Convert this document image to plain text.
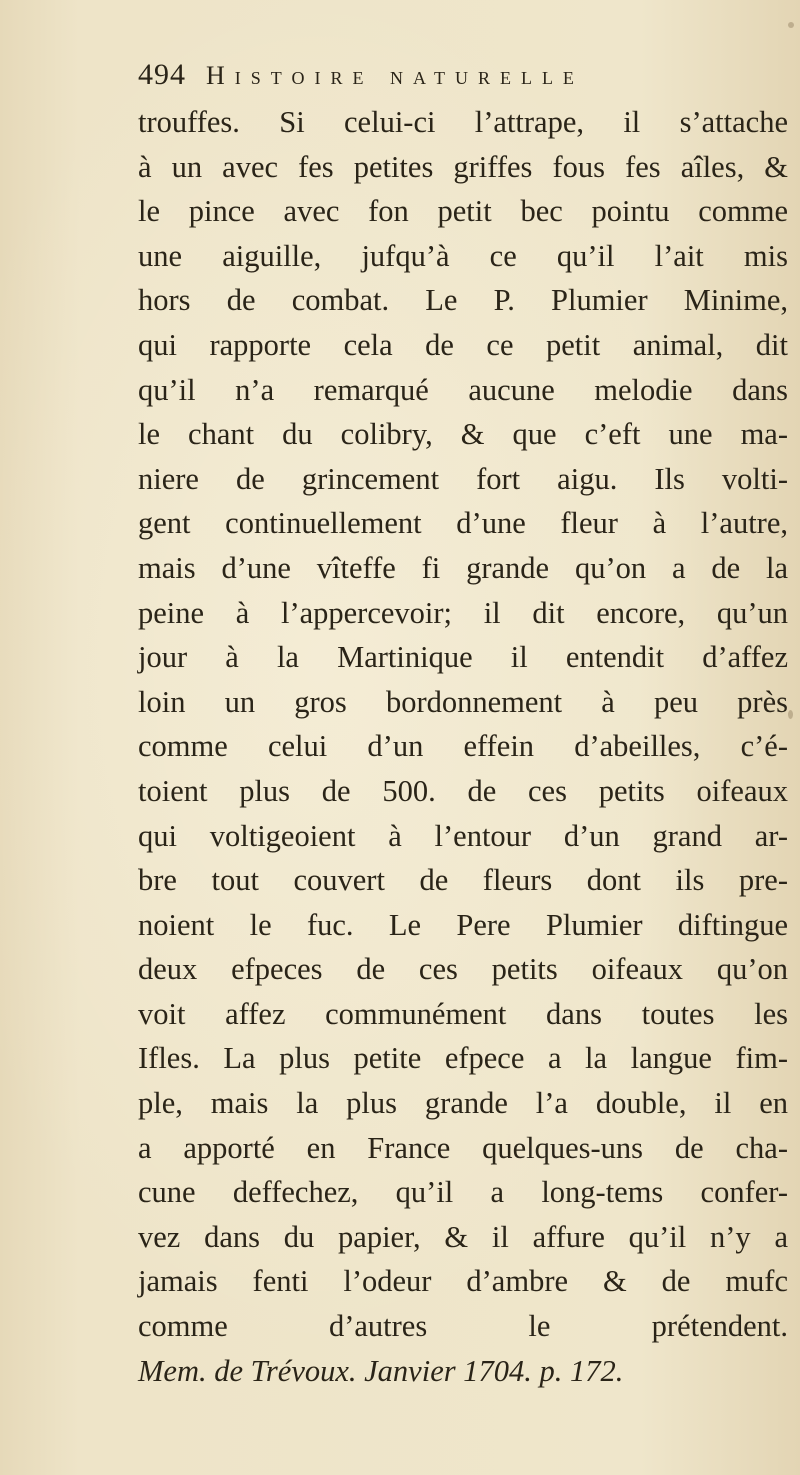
494 Histoire naturelle
trouffes. Si celui-ci l’attrape, il s’attache
à un avec fes petites griffes fous fes aîles, &
le pince avec fon petit bec pointu comme
une aiguille, jufqu’à ce qu’il l’ait mis
hors de combat. Le P. Plumier Minime,
qui rapporte cela de ce petit animal, dit
qu’il n’a remarqué aucune melodie dans
le chant du colibry, & que c’eft une ma-
niere de grincement fort aigu. Ils volti-
gent continuellement d’une fleur à l’autre,
mais d’une vîteffe fi grande qu’on a de la
peine à l’appercevoir; il dit encore, qu’un
jour à la Martinique il entendit d’affez
loin un gros bordonnement à peu près
comme celui d’un effein d’abeilles, c’é-
toient plus de 500. de ces petits oifeaux
qui voltigeoient à l’entour d’un grand ar-
bre tout couvert de fleurs dont ils pre-
noient le fuc. Le Pere Plumier diftingue
deux efpeces de ces petits oifeaux qu’on
voit affez communément dans toutes les
Ifles. La plus petite efpece a la langue fim-
ple, mais la plus grande l’a double, il en
a apporté en France quelques-uns de cha-
cune deffechez, qu’il a long-tems confer-
vez dans du papier, & il affure qu’il n’y a
jamais fenti l’odeur d’ambre & de mufc
comme d’autres le prétendent.
Mem. de Trévoux. Janvier 1704. p. 172.
